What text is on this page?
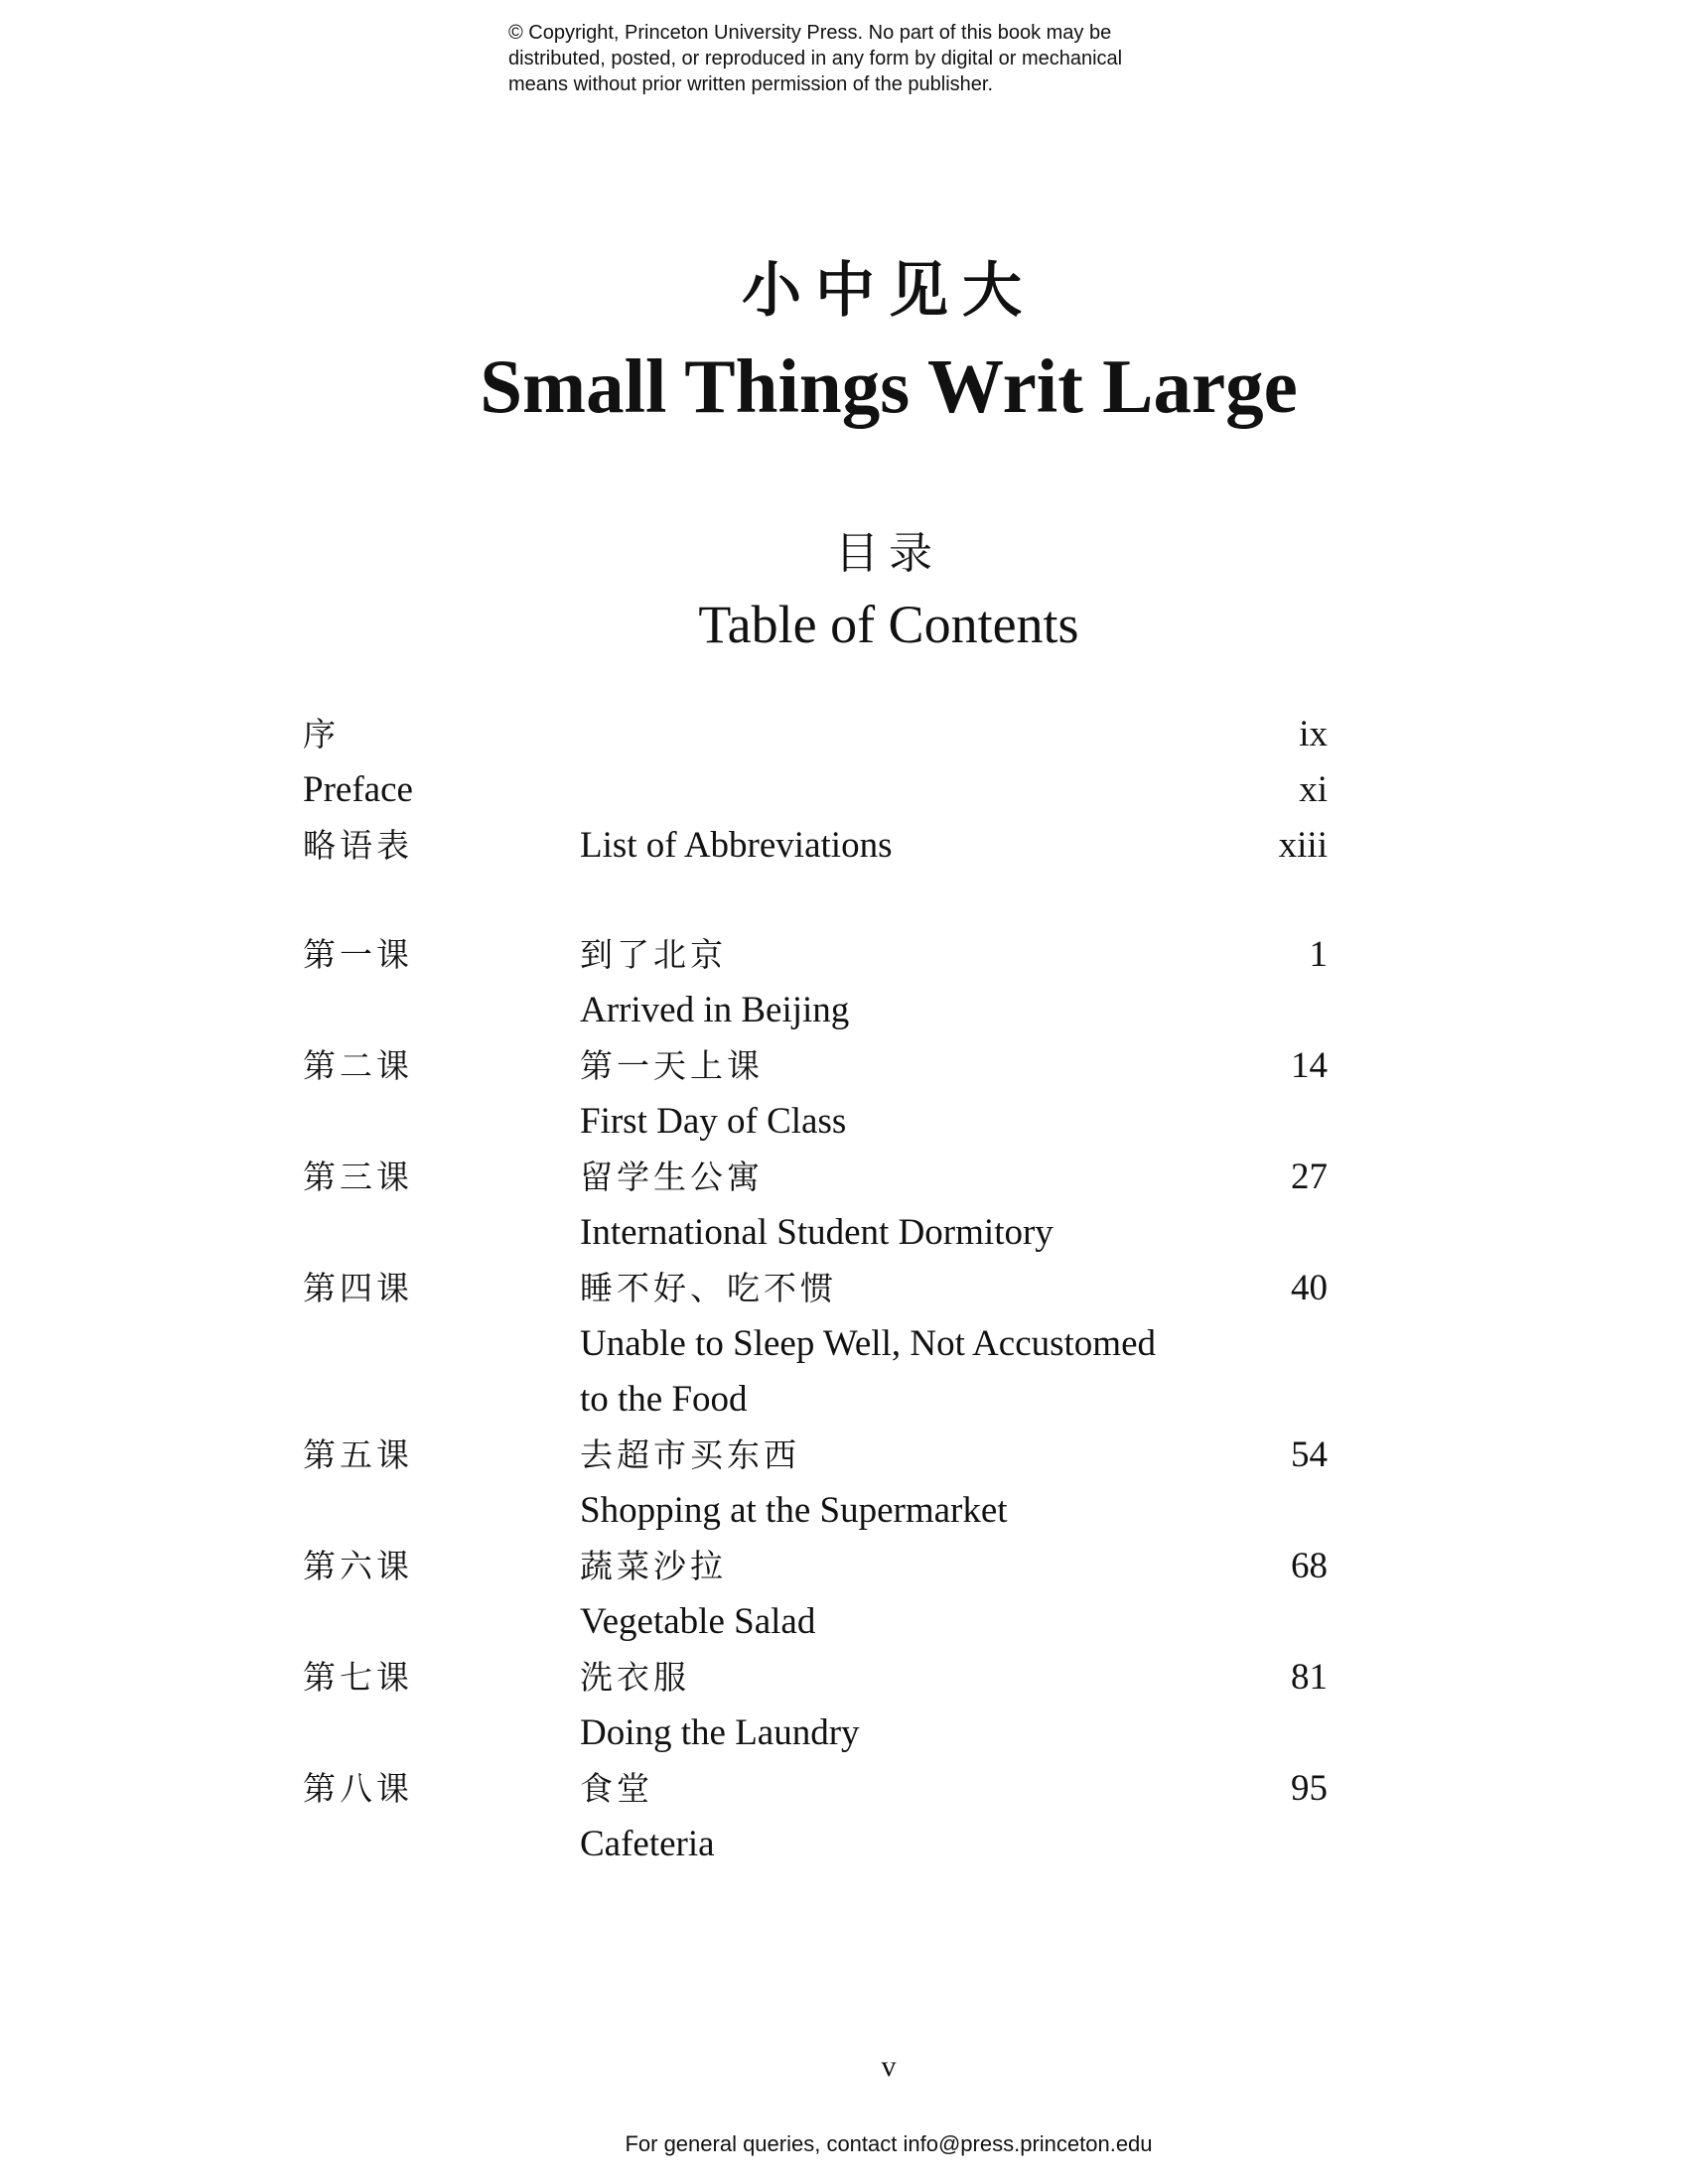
© Copyright, Princeton University Press. No part of this book may be
distributed, posted, or reproduced in any form by digital or mechanical
means without prior written permission of the publisher.
小中见大
Small Things Writ Large
目录
Table of Contents
序	ix
Preface	xi
略语表	List of Abbreviations	xiii
第一课	到了北京	1
Arrived in Beijing
第二课	第一天上课	14
First Day of Class
第三课	留学生公寓	27
International Student Dormitory
第四课	睡不好、吃不惯	40
Unable to Sleep Well, Not Accustomed
to the Food
第五课	去超市买东西	54
Shopping at the Supermarket
第六课	蔬菜沙拉	68
Vegetable Salad
第七课	洗衣服	81
Doing the Laundry
第八课	食堂	95
Cafeteria
v
For general queries, contact info@press.princeton.edu
